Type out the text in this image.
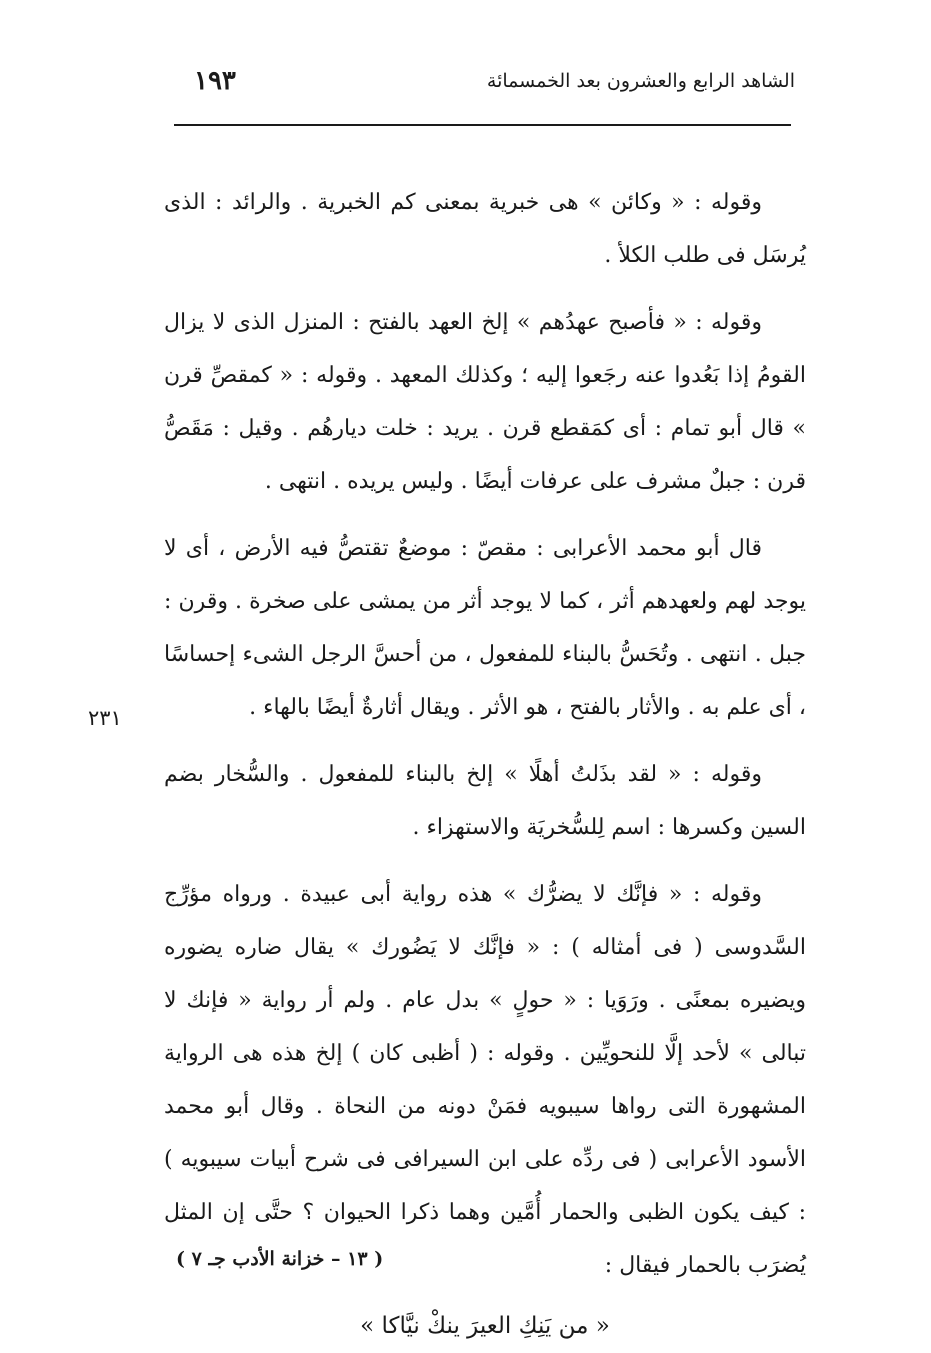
الشاهد الرابع والعشرون بعد الخمسمائة
١٩٣
٢٣١

وقوله : « وكائن » هى خبرية بمعنى كم الخبرية . والرائد : الذى يُرسَل فى طلب الكلأ .

وقوله : « فأصبح عهدُهم » إلخ العهد بالفتح : المنزل الذى لا يزال القومُ إذا بَعُدوا عنه رجَعوا إليه ؛ وكذلك المعهد . وقوله : « كمقصِّ قرن » قال أبو تمام : أى كمَقطع قرن . يريد : خلت ديارهُم . وقيل : مَقَصُّ قرن : جبلٌ مشرف على عرفات أيضًا . وليس يريده . انتهى .

قال أبو محمد الأعرابى : مقصّ : موضعٌ تقتصُّ فيه الأرض ، أى لا يوجد لهم ولعهدهم أثر ، كما لا يوجد أثر من يمشى على صخرة . وقرن : جبل . انتهى . وتُحَسُّ بالبناء للمفعول ، من أحسَّ الرجل الشىء إحساسًا ، أى علم به . والأثار بالفتح ، هو الأثر . ويقال أثارةٌ أيضًا بالهاء .

وقوله : « لقد بذَلتُ أهلًا » إلخ بالبناء للمفعول . والسُّخار بضم السين وكسرها : اسم لِلسُّخريَة والاستهزاء .

وقوله : « فإنَّك لا يضرُّك » هذه رواية أبى عبيدة . ورواه مؤرِّج السَّدوسى ( فى أمثاله ) : « فإنَّك لا يَضُورك » يقال ضاره يضوره ويضيره بمعنًى . ورَوَيا : « حولٍ » بدل عام . ولم أر رواية « فإنك لا تبالى » لأحد إلَّا للنحويِّين . وقوله : ( أظبى كان ) إلخ هذه هى الرواية المشهورة التى رواها سيبويه فمَنْ دونه من النحاة . وقال أبو محمد الأسود الأعرابى ( فى ردِّه على ابن السيرافى فى شرح أبيات سيبويه ) : كيف يكون الظبى والحمار أُمَّين وهما ذكرا الحيوان ؟ حتَّى إن المثل يُضرَب بالحمار فيقال :

« من يَنِكِ العيرَ ينكْ نيَّاكا »

( ١٣ – خزانة الأدب جـ ٧ )
